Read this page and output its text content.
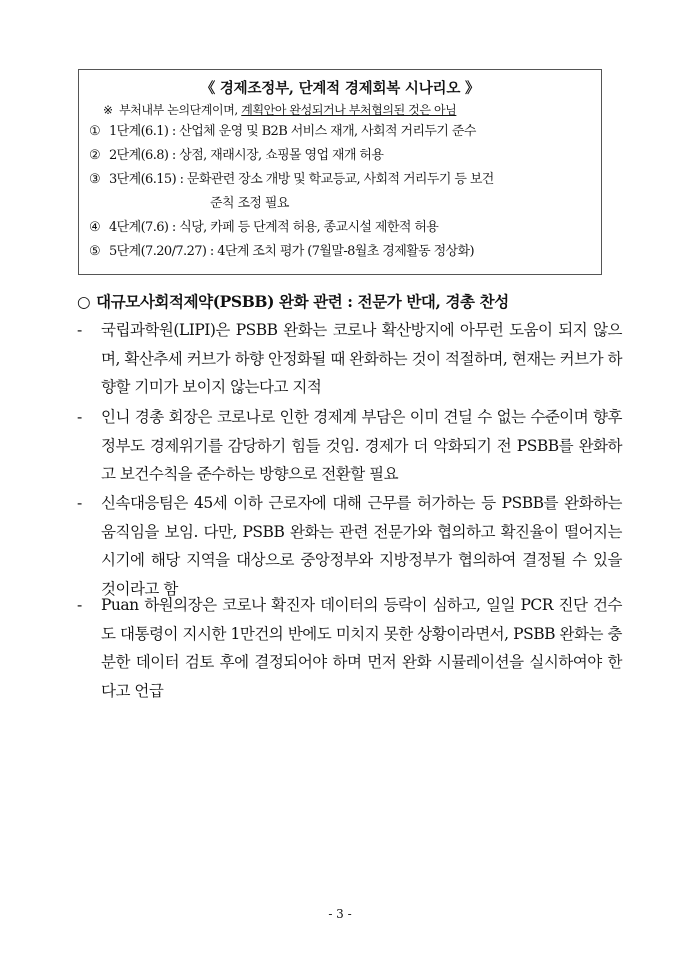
《 경제조정부, 단계적 경제회복 시나리오 》
※ 부처내부 논의단계이며, 계획안아 완성되거나 부처협의된 것은 아님
① 1단계(6.1) : 산업체 운영 및 B2B 서비스 재개, 사회적 거리두기 준수
② 2단계(6.8) : 상점, 재래시장, 쇼핑몰 영업 재개 허용
③ 3단계(6.15) : 문화관련 장소 개방 및 학교등교, 사회적 거리두기 등 보건
준칙 조정 필요
④ 4단계(7.6) : 식당, 카페 등 단계적 허용, 종교시설 제한적 허용
⑤ 5단계(7.20/7.27) : 4단계 조치 평가 (7월말-8월초 경제활동 정상화)
○ 대규모사회적제약(PSBB) 완화 관련 : 전문가 반대, 경총 찬성
-	국립과학원(LIPI)은 PSBB 완화는 코로나 확산방지에 아무런 도움이 되지 않으며, 확산추세 커브가 하향 안정화될 때 완화하는 것이 적절하며, 현재는 커브가 하향할 기미가 보이지 않는다고 지적
-	인니 경총 회장은 코로나로 인한 경제계 부담은 이미 견딜 수 없는 수준이며 향후 정부도 경제위기를 감당하기 힘들 것임. 경제가 더 악화되기 전 PSBB를 완화하고 보건수칙을 준수하는 방향으로 전환할 필요
-	신속대응팀은 45세 이하 근로자에 대해 근무를 허가하는 등 PSBB를 완화하는 움직임을 보임. 다만, PSBB 완화는 관련 전문가와 협의하고 확진율이 떨어지는 시기에 해당 지역을 대상으로 중앙정부와 지방정부가 협의하여 결정될 수 있을 것이라고 함
-	Puan 하원의장은 코로나 확진자 데이터의 등락이 심하고, 일일 PCR 진단 건수도 대통령이 지시한 1만건의 반에도 미치지 못한 상황이라면서, PSBB 완화는 충분한 데이터 검토 후에 결정되어야 하며 먼저 완화 시뮬레이션을 실시하여야 한다고 언급
- 3 -
